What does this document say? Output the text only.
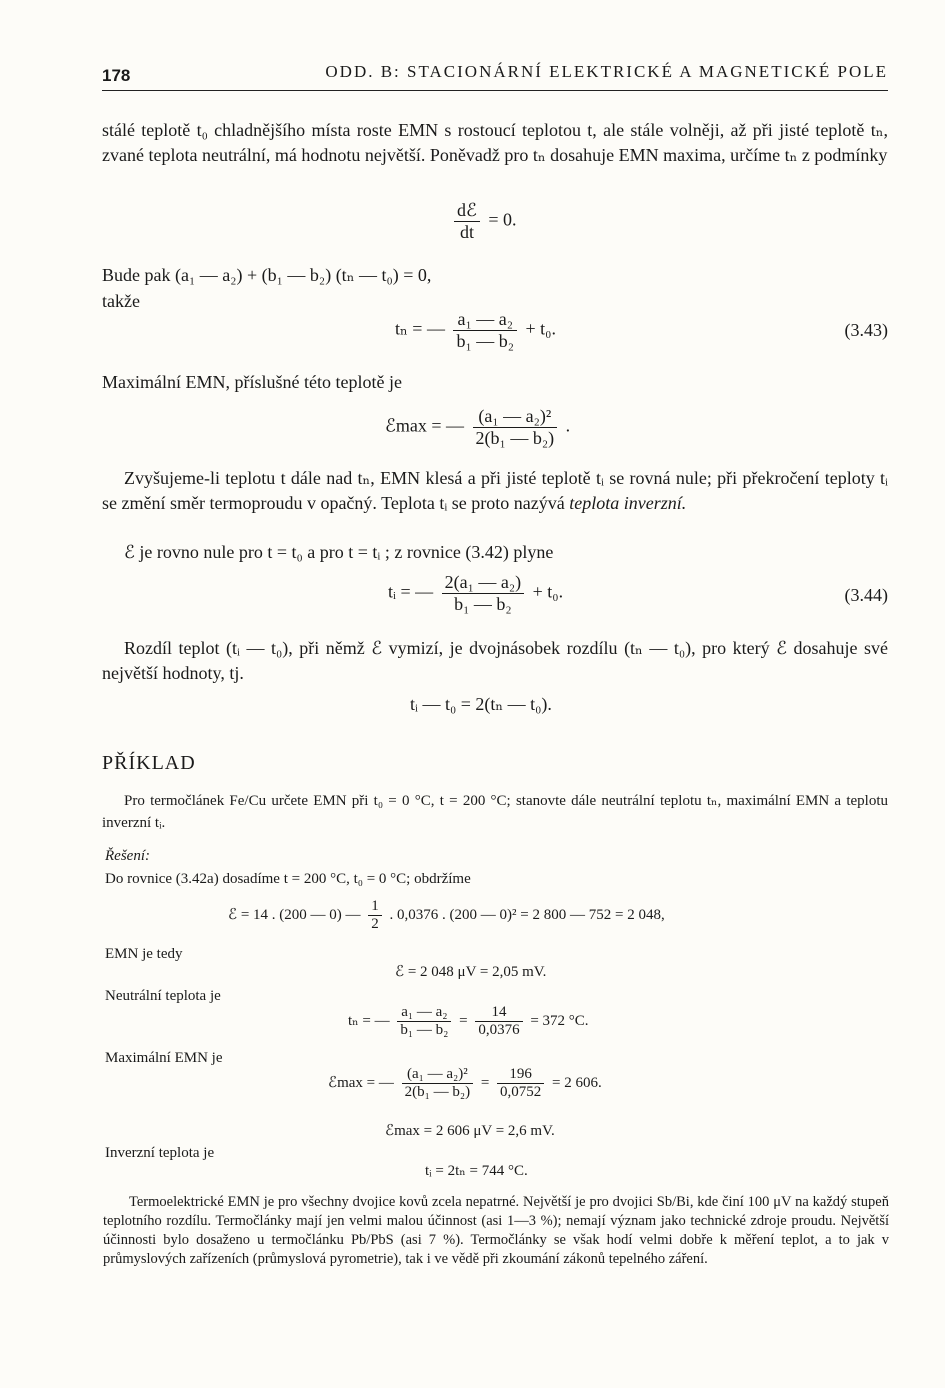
178	ODD. B: STACIONÁRNÍ ELEKTRICKÉ A MAGNETICKÉ POLE

stálé teplotě t₀ chladnějšího místa roste EMN s rostoucí teplotou t, ale stále volněji, až při jisté teplotě tₙ, zvané teplota neutrální, má hodnotu největší. Poněvadž pro tₙ dosahuje EMN maxima, určíme tₙ z podmínky

$\frac{\text{dℰ}}{dt} = 0$.

Bude pak (a₁ — a₂) + (b₁ — b₂) (tₙ — t₀) = 0,

takže

tₙ = — $\frac{\text{a₁ — a₂}}{\text{b₁ — b₂}} + t_0$.	(3.43)

Maximální EMN, příslušné této teplotě je

ℰmax = — $\frac{\text{(a₁ — a₂)²}}{\text{2(b₁ — b₂)}}$ .

Zvyšujeme-li teplotu t dále nad tₙ, EMN klesá a při jisté teplotě tᵢ se rovná nule; při překročení teploty tᵢ se změní směr termoproudu v opačný. Teplota tᵢ se proto nazývá teplota inverzní.

ℰ je rovno nule pro t = t₀ a pro t = tᵢ ; z rovnice (3.42) plyne

tᵢ = — $\frac{\text{2(a₁ — a₂)}}{\text{b₁ — b₂}} + t_0$.	(3.44)

Rozdíl teplot (tᵢ — t₀), při němž ℰ vymizí, je dvojnásobek rozdílu (tₙ — t₀), pro který ℰ dosahuje své největší hodnoty, tj.

tᵢ — t₀ = 2(tₙ — t₀).
PŘÍKLAD

Pro termočlánek Fe/Cu určete EMN při t₀ = 0 °C, t = 200 °C; stanovte dále neutrální teplotu tₙ, maximální EMN a teplotu inverzní tᵢ.

Řešení:

Do rovnice (3.42a) dosadíme t = 200 °C, t₀ = 0 °C; obdržíme

ℰ = 14 . (200 — 0) — $\frac{1}{2}$ . 0,0376 . (200 — 0)² = 2 800 — 752 = 2 048,
EMN je tedy
ℰ = 2 048 μV = 2,05 mV.
Neutrální teplota je
tₙ = — $\frac{\text{a₁ — a₂}}{\text{b₁ — b₂}} = \frac{14}{0,0376} = 372$ °C.
Maximální EMN je
ℰmax = — $\frac{\text{(a₁ — a₂)²}}{\text{2(b₁ — b₂)}} = \frac{196}{0,0752} = 2$ 606.
ℰmax = 2 606 μV = 2,6 mV.
Inverzní teplota je
tᵢ = 2tₙ = 744 °C.

Termoelektrické EMN je pro všechny dvojice kovů zcela nepatrné. Největší je pro dvojici Sb/Bi, kde činí 100 μV na každý stupeň teplotního rozdílu. Termočlánky mají jen velmi malou účinnost (asi 1—3 %); nemají význam jako technické zdroje proudu. Největší účinnosti bylo dosaženo u termočlánku Pb/PbS (asi 7 %). Termočlánky se však hodí velmi dobře k měření teplot, a to jak v průmyslových zařízeních (průmyslová pyrometrie), tak i ve vědě při zkoumání zákonů tepelného záření.
